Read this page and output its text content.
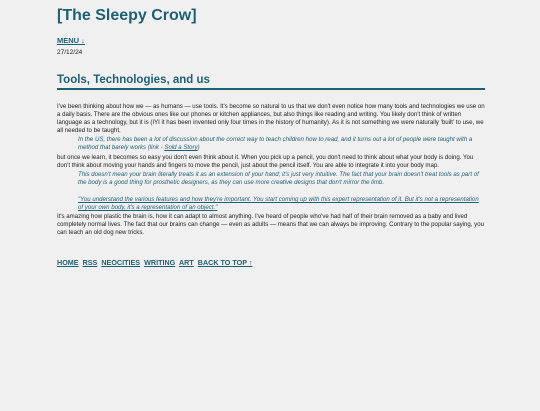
[The Sleepy Crow]
MENU ↓
27/12/24
Tools, Technologies, and us

I've been thinking about how we — as humans — use tools. It's become so natural to us that we don't even notice how many tools and technologies we use on a daily basis. There are the obvious ones like our phones or kitchen appliances, but also things like reading and writing. You likely don't think of written language as a technology, but it is (IYI it has been invented only four times in the history of humanity). As it is not something we were naturally 'built' to use, we all needed to be taught,

In the US, there has been a lot of discussion about the correct way to teach children how to read, and it turns out a lot of people were taught with a method that barely works (link - Sold a Story)

but once we learn, it becomes so easy you don't even think about it. When you pick up a pencil, you don't need to think about what your body is doing. You don't think about moving your hands and fingers to move the pencil, just about the pencil itself. You are able to integrate it into your body map.

This doesn't mean your brain literally treats it as an extension of your hand; it's just very intuitive. The fact that your brain doesn't treat tools as part of the body is a good thing for prosthetic designers, as they can use more creative designs that don't mirror the limb.
"You understand the various features and how they're important. You start coming up with this expert representation of it. But it's not a representation of your own body, it's a representation of an object."

It's amazing how plastic the brain is, how it can adapt to almost anything. I've heard of people who've had half of their brain removed as a baby and lived completely normal lives. The fact that our brains can change — even as adults — means that we can always be improving. Contrary to the popular saying, you can teach an old dog new tricks.

HOME RSS NEOCITIES WRITING ART BACK TO TOP ↑
